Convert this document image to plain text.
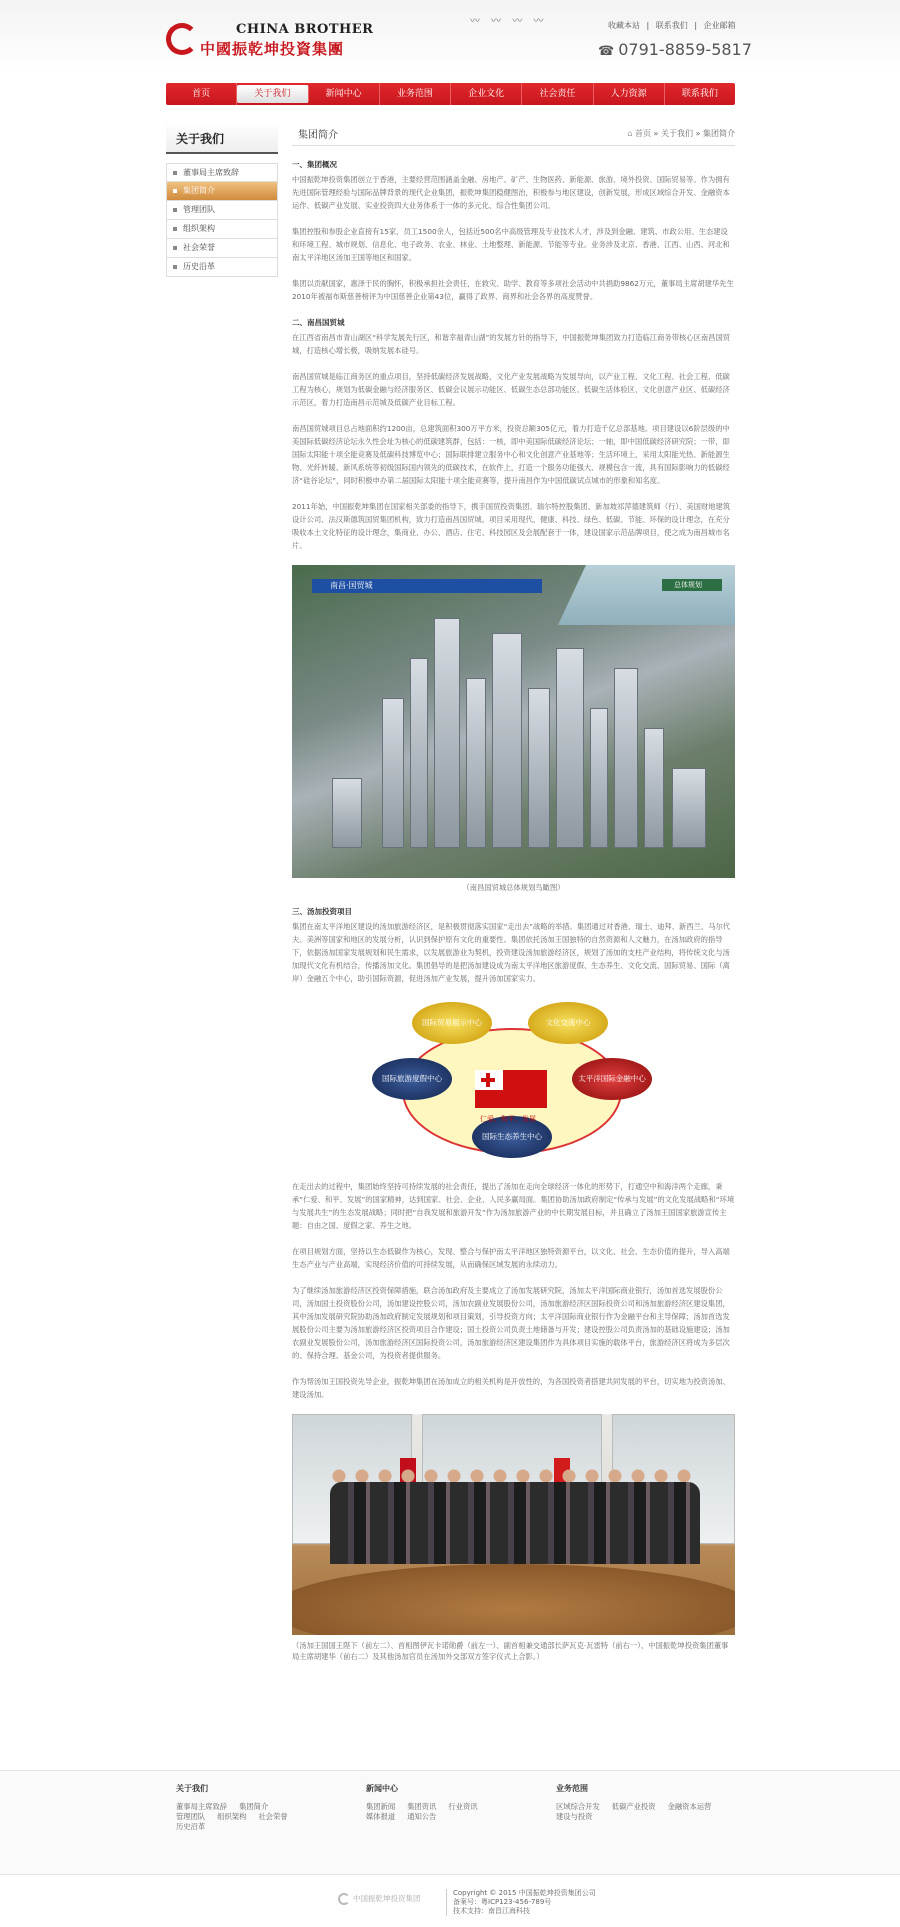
CHINA BROTHER
中國振乾坤投資集團
〰 〰 〰 〰	收藏本站 | 联系我们 | 企业邮箱
☎ 0791-8859-5817
首页	关于我们	新闻中心	业务范围	企业文化	社会责任	人力资源	联系我们
关于我们
董事局主席致辞
集团简介
管理团队
组织架构
社会荣誉
历史沿革
集团简介	⌂ 首页 » 关于我们 » 集团简介
一、集团概况

中国振乾坤投资集团创立于香港，主要经营范围涵盖金融、房地产、矿产、生物医药、新能源、旅游、境外投资、国际贸易等。作为拥有先进国际管理经验与国际品牌背景的现代企业集团，振乾坤集团稳健图治，积极参与地区建设，创新发展，形成区域综合开发、金融资本运作、低碳产业发展、实业投资四大业务体系于一体的多元化、综合性集团公司。

集团控股和参股企业直接有15家，员工1500余人，包括近500名中高级管理及专业技术人才，涉及到金融、建筑、市政公用、生态建设和环境工程、城市规划、信息化、电子政务、农业、林业、土地整理、新能源、节能等专业。业务涉及北京、香港、江西、山西、河北和南太平洋地区汤加王国等地区和国家。

集团以贡献国家，惠泽于民的胸怀，积极承担社会责任，在救灾、助学、教育等多项社会活动中共捐助9862万元，董事局主席胡建华先生2010年被福布斯慈善榜评为中国慈善企业第43位，赢得了政界、商界和社会各界的高度赞誉。

二、南昌国贸城

在江西省南昌市青山湖区“科学发展先行区，和谐幸福青山湖”的发展方针的指导下，中国振乾坤集团致力打造临江商务带核心区南昌国贸城，打造核心增长极，吸纳发展本硅号。

南昌国贸城是临江商务区的重点项目，坚持低碳经济发展战略，文化产业发展战略为发展导向，以产业工程、文化工程、社会工程、低碳工程为核心，规划为低碳金融与经济服务区、低碳会议展示功能区、低碳生态总部功能区、低碳生活体验区、文化创意产业区、低碳经济示范区，着力打造南昌示范城及低碳产业目标工程。

南昌国贸城项目总占地面积约1200亩，总建筑面积300万平方米，投资总额305亿元，着力打造千亿总部基地。项目建设以6阶层级的中美国际低碳经济论坛永久性会址为核心的低碳建筑群，包括：一核，即中美国际低碳经济论坛；一轴，即中国低碳经济研究院；一带，即国际太阳能十项全能竞赛及低碳科技博览中心；国际联排建立服务中心和文化创意产业基地等；生活环境上，采用太阳能光热、新能源生物、光纤转暖、新风系统等初级国际国内领先的低碳技术，在软件上，打造一个服务功能强大、规模包含一流，具有国际影响力的低碳经济“硅谷论坛”，同时积极申办第二届国际太阳能十项全能竞赛等，提升南昌作为中国低碳试点城市的形象和知名度。

2011年始，中国振乾坤集团在国家相关部委的指导下，携手国贸投资集团、瑞尔特控股集团、新加坡祁萍德建筑师（行）、美国财地建筑设计公司、法汉斯德筑国贸集团机构，致力打造南昌国贸城。项目采用现代、健康、科技、绿色、低碳、节能、环保的设计理念，在充分吸收本土文化特征的设计理念，集商业、办公、酒店、住宅、科技园区及会展配套于一体，建设国家示范品牌项目，使之成为南昌城市名片。

南昌·国贸城	总体规划
（南昌国贸城总体规划鸟瞰图）
三、汤加投资项目

集团在南太平洋地区建设的汤加旅游经济区，是积极贯彻落实国家“走出去”战略的举措。集团通过对香港、瑞士、迪拜、新西兰、马尔代夫、美洲等国家和地区的发展分析，认识到保护原有文化的重要性。集团依托汤加王国独特的自然资源和人文魅力，在汤加政府的指导下，依据汤加国家发展规划和民生需求，以发展旅游业为契机，投资建设汤加旅游经济区，规划了汤加的支柱产业结构，将传统文化与汤加现代文化有机结合，传播汤加文化。集团倡导的是把汤加建设成为南太平洋地区旅游度假、生态养生、文化交流、国际贸易、国际（离岸）金融五个中心，助引国际资源，促进汤加产业发展，提升汤加国家实力。

国际贸易展示中心	文化交流中心
国际旅游度假中心	太平洋国际金融中心
国际生态养生中心
仁爱、和平、发展

在走出去的过程中，集团始终坚持可持续发展的社会责任，提出了汤加在走向全球经济一体化的形势下，打通空中和海洋两个走廊，秉承“仁爱、和平、发展”的国家精神，达到国家、社会、企业、人民多赢局面。集团协助汤加政府制定“传承与发展”的文化发展战略和“环境与发展共生”的生态发展战略；同时把“自我发展和旅游开发”作为汤加旅游产业的中长期发展目标，并且确立了汤加王国国家旅游宣传主题：自由之国、度假之家、养生之地。

在项目规划方面，坚持以生态低碳作为核心，发现、整合与保护南太平洋地区独特资源平台，以文化、社会、生态价值的提升，导入高端生态产业与产业高端，实现经济价值的可持续发展，从而确保区域发展的永续动力。

为了继续汤加旅游经济区投资保障措施，联合汤加政府及主要成立了汤加发展研究院，汤加太平洋国际商业银行，汤加首选发展股份公司，汤加国土投资股份公司，汤加建设控股公司，汤加农副业发展股份公司，汤加旅游经济区国际投资公司和汤加旅游经济区建设集团，其中汤加发展研究院协助汤加政府制定发展规划和项目策划，引导投资方向；太平洋国际商业银行作为金融平台和主导保障；汤加首选发展股份公司主要为汤加旅游经济区投资项目合作建设；国土投资公司负责土地储备与开发；建设控股公司负责汤加的基础设施建设；汤加农副业发展股份公司，汤加旅游经济区国际投资公司，汤加旅游经济区建设集团作为具体项目实施的载体平台，旅游经济区将成为多层次的、保持合理、基金公司，为投资者提供服务。

作为帮汤加王国投资先导企业，振乾坤集团在汤加成立的相关机构是开放性的，为各国投资者搭建共同发展的平台，切实地为投资汤加、建设汤加。

（汤加王国国王陛下（前左二）、首相图伊瓦卡诺勋爵（前左一）、副首相兼交通部长萨瓦克·瓦雷特（前右一）、中国振乾坤投资集团董事局主席胡建华（前右二）及其他汤加官员在汤加外交部双方签字仪式上合影。）
关于我们
董事局主席致辞 集团简介管理团队 组织架构 社会荣誉历史沿革
新闻中心
集团新闻 集团资讯 行业资讯媒体报道 通知公告
业务范围
区域综合开发 低碳产业投资 金融资本运营建设与投资
中国振乾坤投资集团
Copyright © 2015 中国振乾坤投资集团公司
备案号：粤ICP123-456-789号
技术支持：南昌江海科技
